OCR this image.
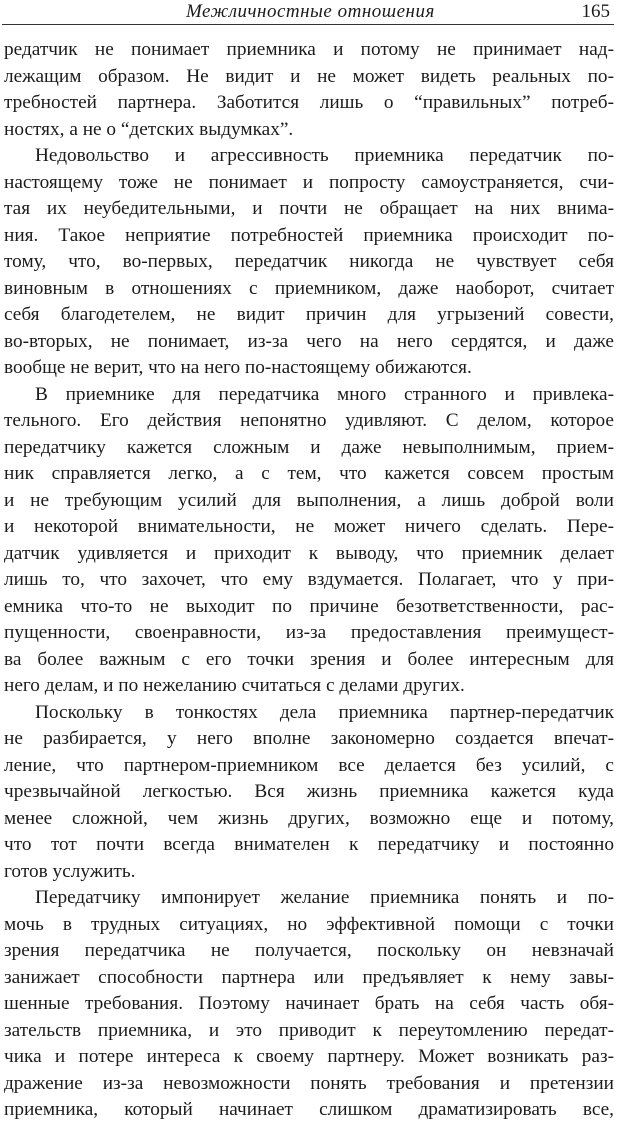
Межличностные отношения	165
редатчик не понимает приемника и потому не принимает над-
лежащим образом. Не видит и не может видеть реальных по-
требностей партнера. Заботится лишь о “правильных” потреб-
ностях, а не о “детских выдумках”.
Недовольство и агрессивность приемника передатчик по-
настоящему тоже не понимает и попросту самоустраняется, счи-
тая их неубедительными, и почти не обращает на них внима-
ния. Такое неприятие потребностей приемника происходит по-
тому, что, во-первых, передатчик никогда не чувствует себя
виновным в отношениях с приемником, даже наоборот, считает
себя благодетелем, не видит причин для угрызений совести,
во-вторых, не понимает, из-за чего на него сердятся, и даже
вообще не верит, что на него по-настоящему обижаются.
В приемнике для передатчика много странного и привлека-
тельного. Его действия непонятно удивляют. С делом, которое
передатчику кажется сложным и даже невыполнимым, прием-
ник справляется легко, а с тем, что кажется совсем простым
и не требующим усилий для выполнения, а лишь доброй воли
и некоторой внимательности, не может ничего сделать. Пере-
датчик удивляется и приходит к выводу, что приемник делает
лишь то, что захочет, что ему вздумается. Полагает, что у при-
емника что-то не выходит по причине безответственности, рас-
пущенности, своенравности, из-за предоставления преимущест-
ва более важным с его точки зрения и более интересным для
него делам, и по нежеланию считаться с делами других.
Поскольку в тонкостях дела приемника партнер-передатчик
не разбирается, у него вполне закономерно создается впечат-
ление, что партнером-приемником все делается без усилий, с
чрезвычайной легкостью. Вся жизнь приемника кажется куда
менее сложной, чем жизнь других, возможно еще и потому,
что тот почти всегда внимателен к передатчику и постоянно
готов услужить.
Передатчику импонирует желание приемника понять и по-
мочь в трудных ситуациях, но эффективной помощи с точки
зрения передатчика не получается, поскольку он невзначай
занижает способности партнера или предъявляет к нему завы-
шенные требования. Поэтому начинает брать на себя часть обя-
зательств приемника, и это приводит к переутомлению передат-
чика и потере интереса к своему партнеру. Может возникать раз-
дражение из-за невозможности понять требования и претензии
приемника, который начинает слишком драматизировать все,
